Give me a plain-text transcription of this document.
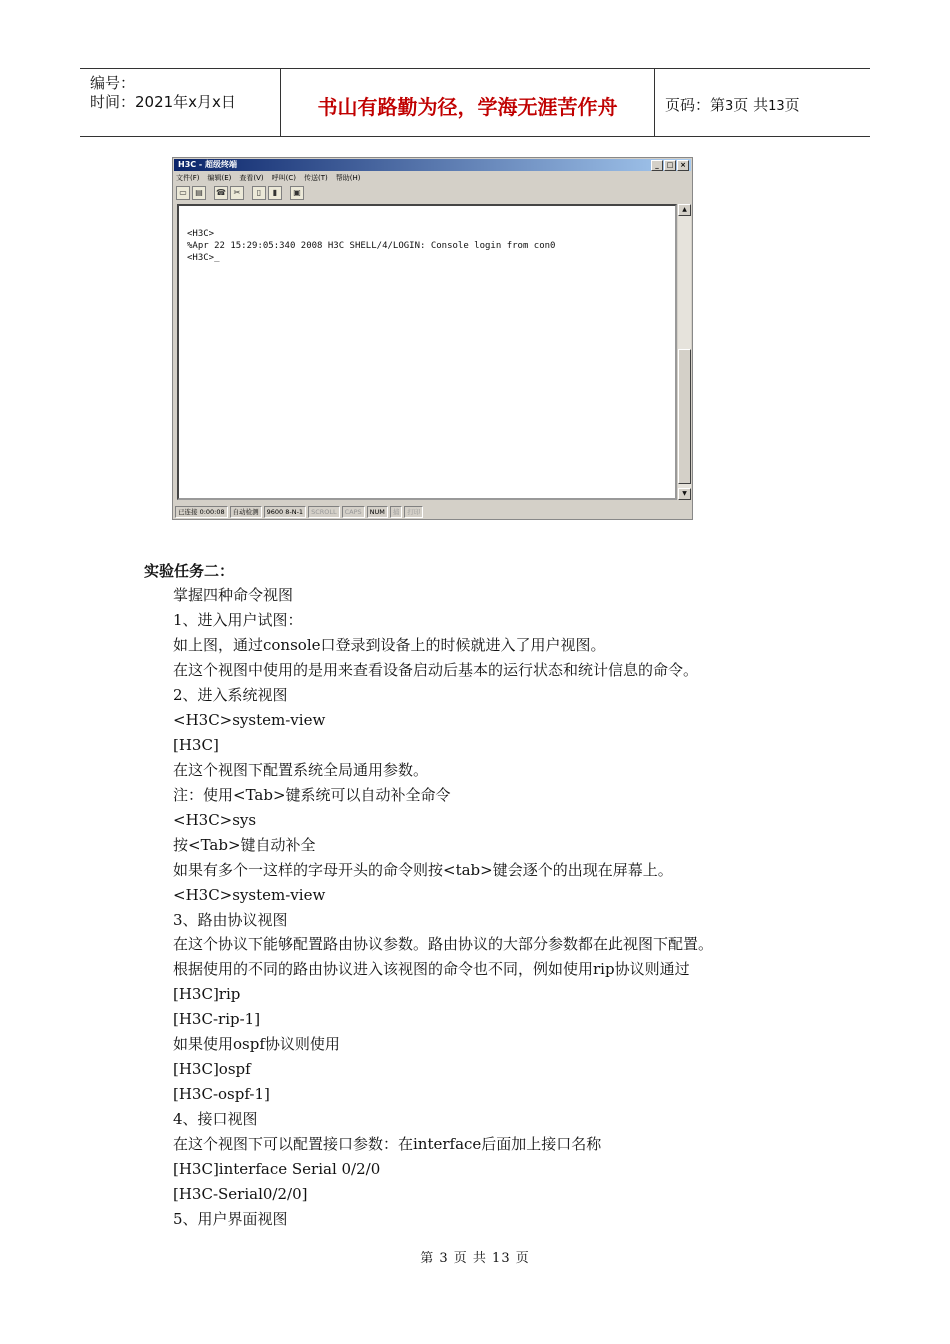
编号：
时间：2021年x月x日	书山有路勤为径，学海无涯苦作舟	页码：第3页 共13页
H3C - 超级终端	_	□ ×
文件(F) 编辑(E) 查看(V) 呼叫(C) 传送(T) 帮助(H)
▭	▤	☎ ✂	▯	▮	▣
<H3C>
%Apr 22 15:29:05:340 2008 H3C SHELL/4/LOGIN: Console login from con0
<H3C>_
▲
▼
已连接 0:00:08	自动检测	9600 8-N-1	SCROLL	CAPS	NUM	捕	打印
实验任务二：
掌握四种命令视图
1、进入用户试图：
如上图，通过console口登录到设备上的时候就进入了用户视图。
在这个视图中使用的是用来查看设备启动后基本的运行状态和统计信息的命令。
2、进入系统视图
<H3C>system-view
[H3C]
在这个视图下配置系统全局通用参数。
注：使用<Tab>键系统可以自动补全命令
<H3C>sys
按<Tab>键自动补全
如果有多个一这样的字母开头的命令则按<tab>键会逐个的出现在屏幕上。
<H3C>system-view
3、路由协议视图
在这个协议下能够配置路由协议参数。路由协议的大部分参数都在此视图下配置。
根据使用的不同的路由协议进入该视图的命令也不同，例如使用rip协议则通过
[H3C]rip
[H3C-rip-1]
如果使用ospf协议则使用
[H3C]ospf
[H3C-ospf-1]
4、接口视图
在这个视图下可以配置接口参数：在interface后面加上接口名称
[H3C]interface Serial 0/2/0
[H3C-Serial0/2/0]
5、用户界面视图
第 3 页 共 13 页
